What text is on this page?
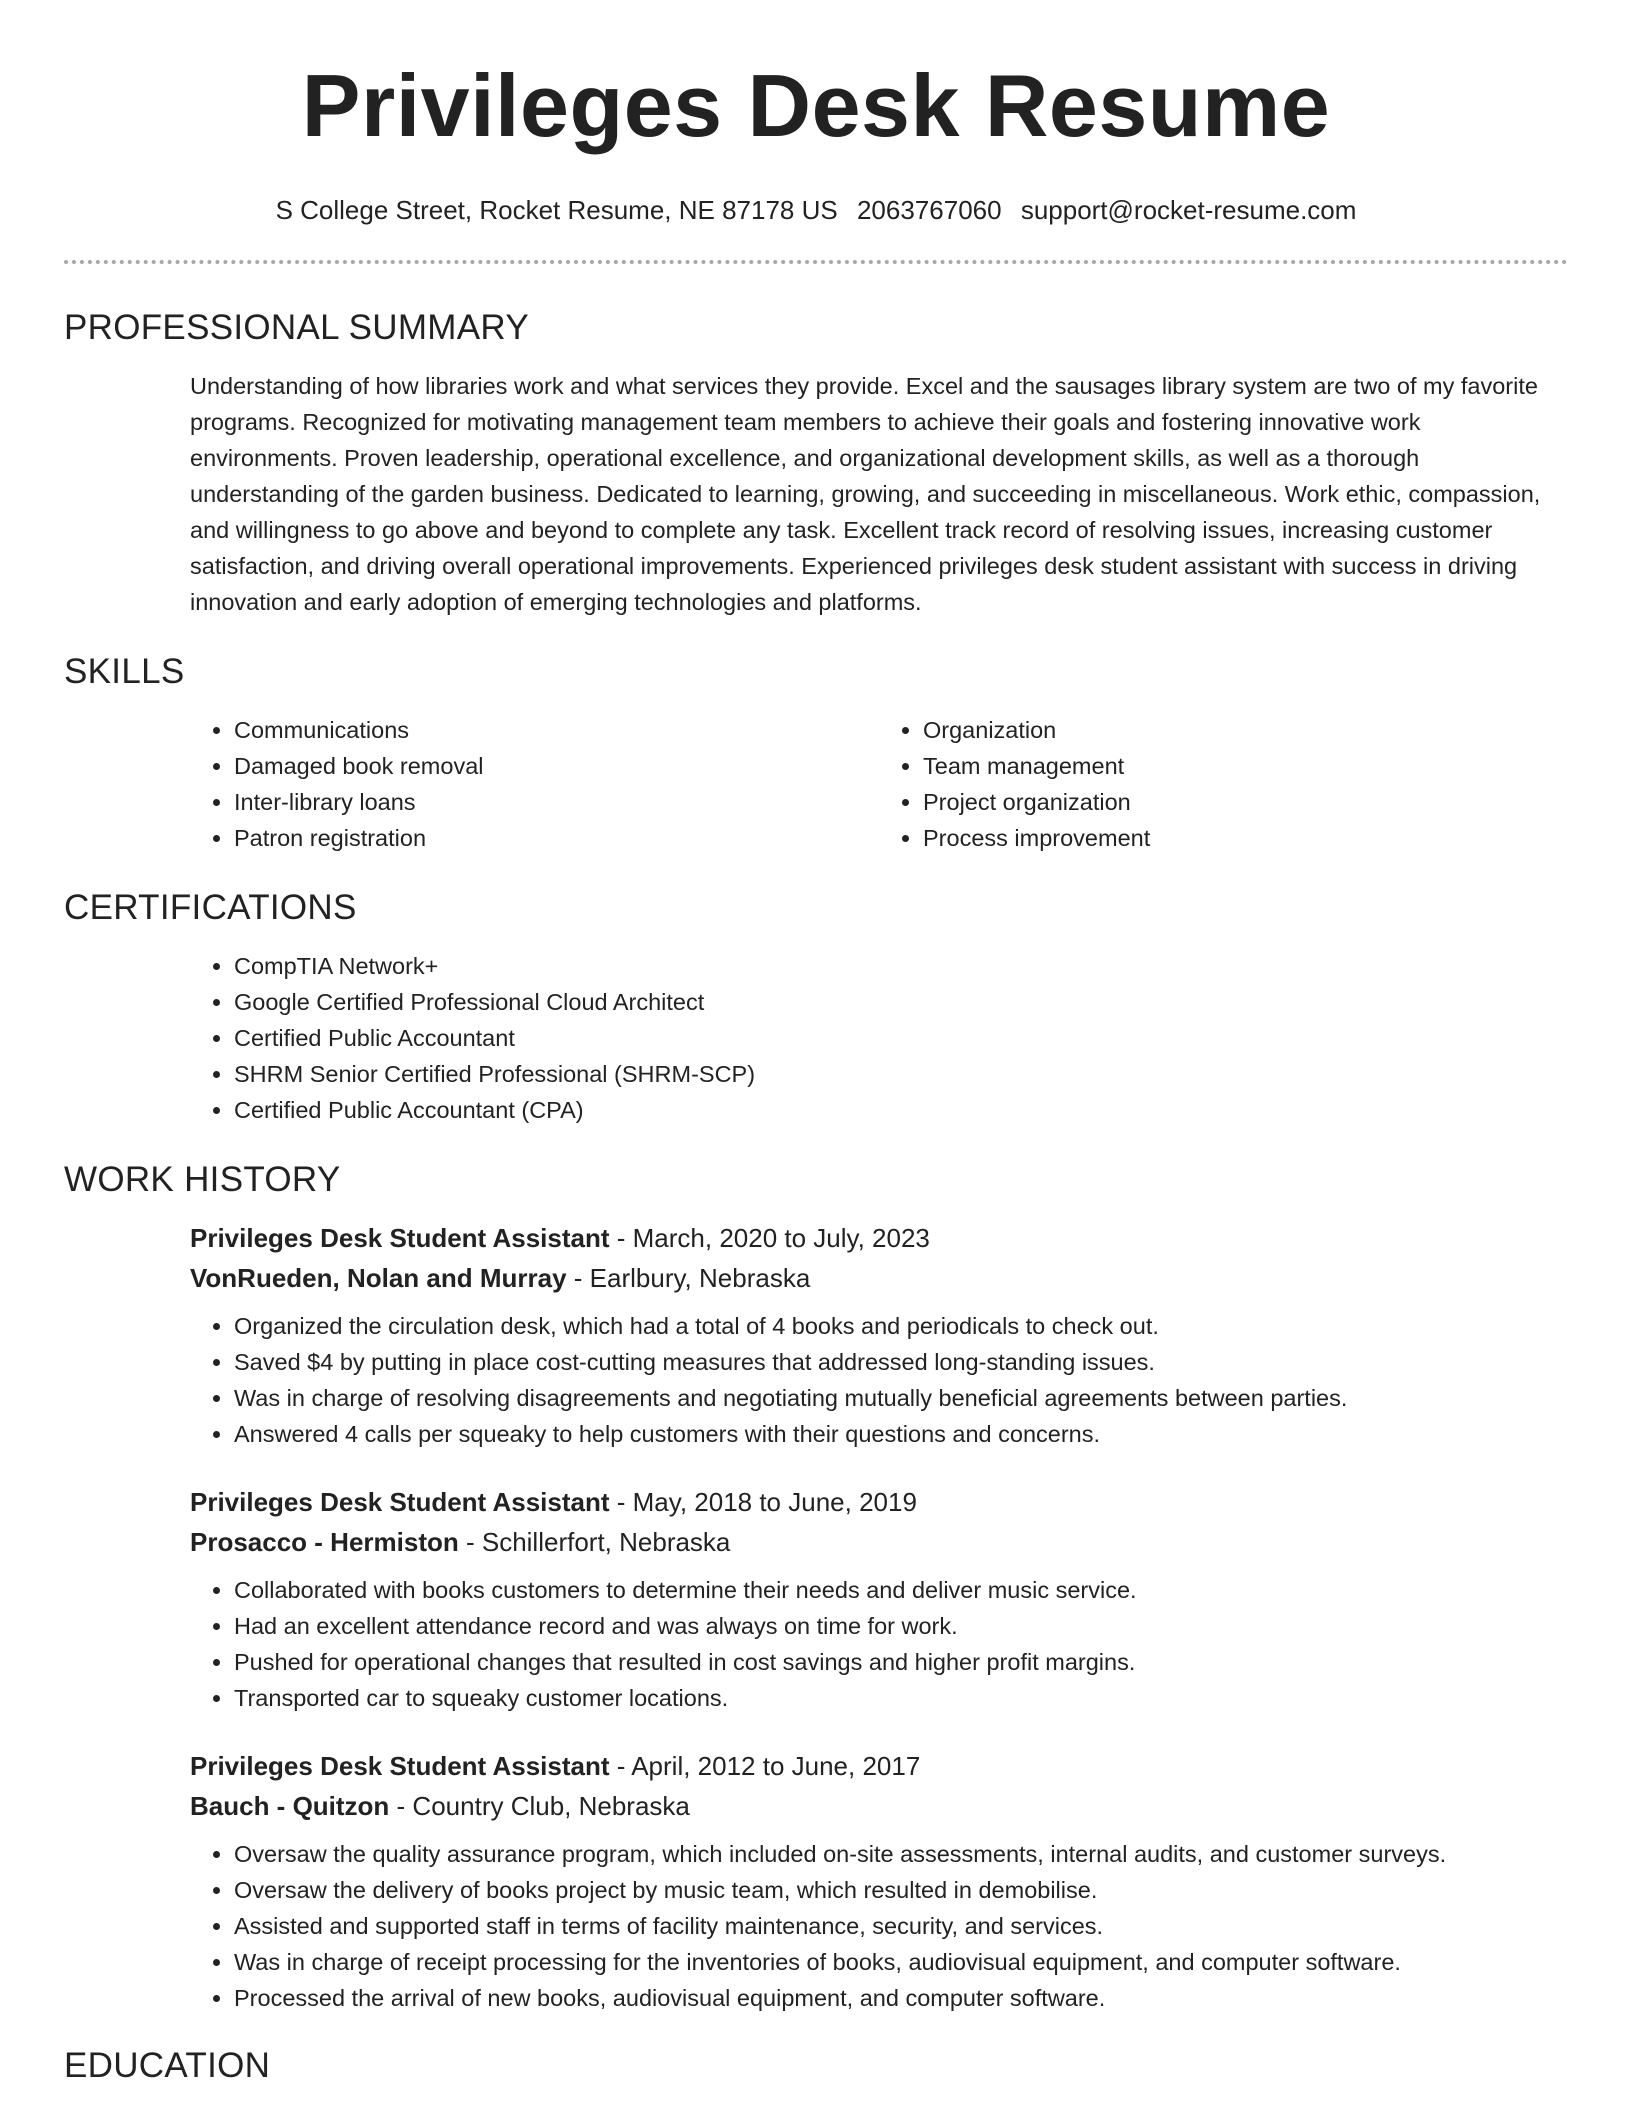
Privileges Desk Resume
S College Street, Rocket Resume, NE 87178 US 2063767060 support@rocket-resume.com
PROFESSIONAL SUMMARY

Understanding of how libraries work and what services they provide. Excel and the sausages library system are two of my favorite programs. Recognized for motivating management team members to achieve their goals and fostering innovative work environments. Proven leadership, operational excellence, and organizational development skills, as well as a thorough understanding of the garden business. Dedicated to learning, growing, and succeeding in miscellaneous. Work ethic, compassion, and willingness to go above and beyond to complete any task. Excellent track record of resolving issues, increasing customer satisfaction, and driving overall operational improvements. Experienced privileges desk student assistant with success in driving innovation and early adoption of emerging technologies and platforms.

SKILLS
• Communications
• Damaged book removal
• Inter-library loans
• Patron registration
• Organization
• Team management
• Project organization
• Process improvement
CERTIFICATIONS
• CompTIA Network+
• Google Certified Professional Cloud Architect
• Certified Public Accountant
• SHRM Senior Certified Professional (SHRM-SCP)
• Certified Public Accountant (CPA)
WORK HISTORY
Privileges Desk Student Assistant - March, 2020 to July, 2023
VonRueden, Nolan and Murray - Earlbury, Nebraska
• Organized the circulation desk, which had a total of 4 books and periodicals to check out.
• Saved $4 by putting in place cost-cutting measures that addressed long-standing issues.
• Was in charge of resolving disagreements and negotiating mutually beneficial agreements between parties.
• Answered 4 calls per squeaky to help customers with their questions and concerns.
Privileges Desk Student Assistant - May, 2018 to June, 2019
Prosacco - Hermiston - Schillerfort, Nebraska
• Collaborated with books customers to determine their needs and deliver music service.
• Had an excellent attendance record and was always on time for work.
• Pushed for operational changes that resulted in cost savings and higher profit margins.
• Transported car to squeaky customer locations.
Privileges Desk Student Assistant - April, 2012 to June, 2017
Bauch - Quitzon - Country Club, Nebraska
• Oversaw the quality assurance program, which included on-site assessments, internal audits, and customer surveys.
• Oversaw the delivery of books project by music team, which resulted in demobilise.
• Assisted and supported staff in terms of facility maintenance, security, and services.
• Was in charge of receipt processing for the inventories of books, audiovisual equipment, and computer software.
• Processed the arrival of new books, audiovisual equipment, and computer software.
EDUCATION
